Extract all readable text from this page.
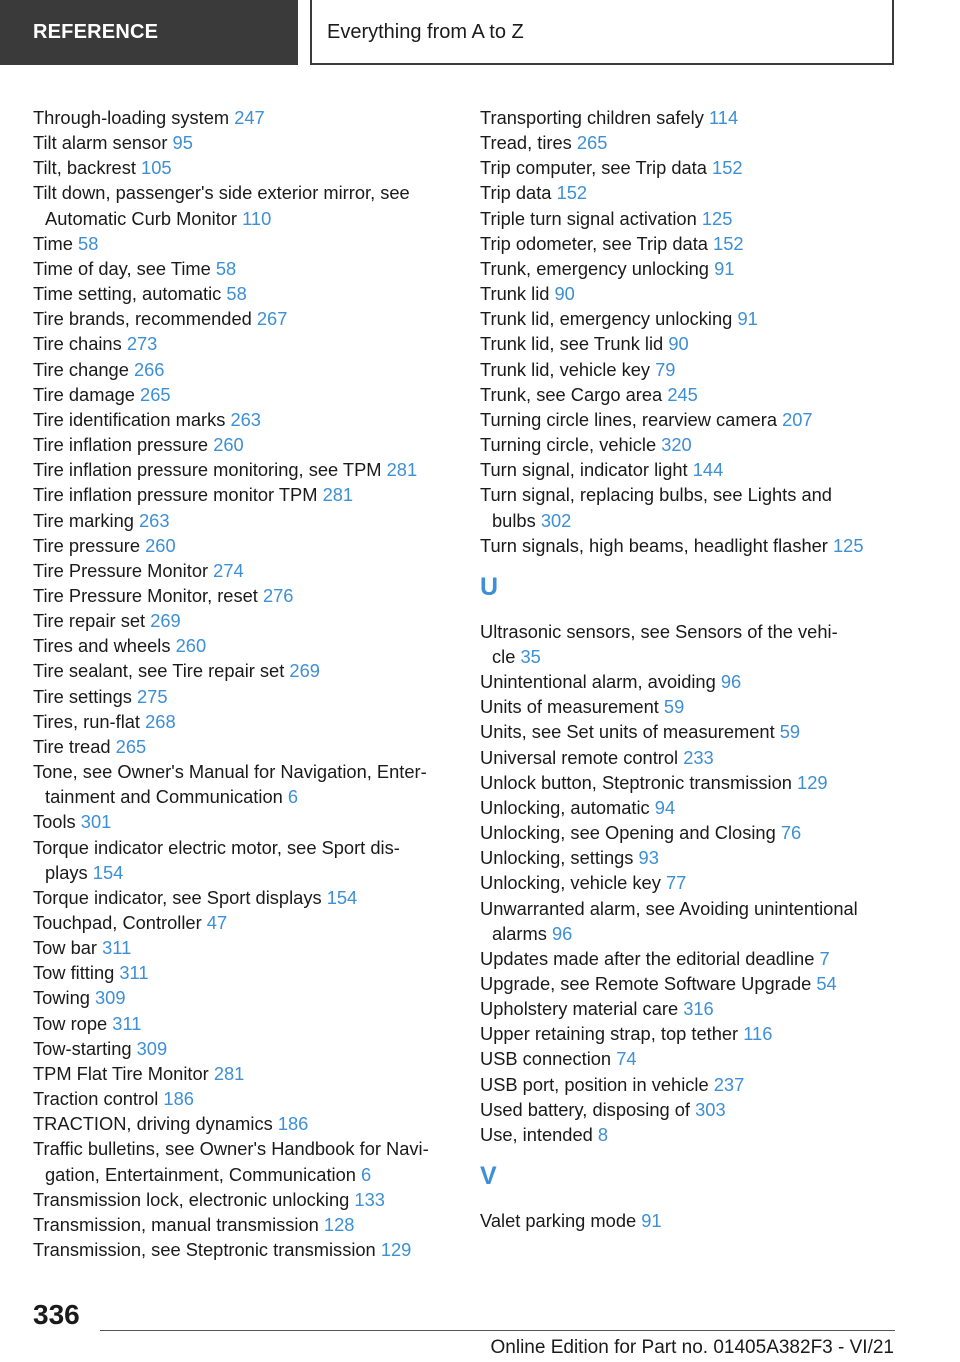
REFERENCE	Everything from A to Z
Through-loading system 247
Tilt alarm sensor 95
Tilt, backrest 105
Tilt down, passenger's side exterior mirror, see
Automatic Curb Monitor 110
Time 58
Time of day, see Time 58
Time setting, automatic 58
Tire brands, recommended 267
Tire chains 273
Tire change 266
Tire damage 265
Tire identification marks 263
Tire inflation pressure 260
Tire inflation pressure monitoring, see TPM 281
Tire inflation pressure monitor TPM 281
Tire marking 263
Tire pressure 260
Tire Pressure Monitor 274
Tire Pressure Monitor, reset 276
Tire repair set 269
Tires and wheels 260
Tire sealant, see Tire repair set 269
Tire settings 275
Tires, run-flat 268
Tire tread 265
Tone, see Owner's Manual for Navigation, Enter-
tainment and Communication 6
Tools 301
Torque indicator electric motor, see Sport dis-
plays 154
Torque indicator, see Sport displays 154
Touchpad, Controller 47
Tow bar 311
Tow fitting 311
Towing 309
Tow rope 311
Tow-starting 309
TPM Flat Tire Monitor 281
Traction control 186
TRACTION, driving dynamics 186
Traffic bulletins, see Owner's Handbook for Navi-
gation, Entertainment, Communication 6
Transmission lock, electronic unlocking 133
Transmission, manual transmission 128
Transmission, see Steptronic transmission 129
Transporting children safely 114
Tread, tires 265
Trip computer, see Trip data 152
Trip data 152
Triple turn signal activation 125
Trip odometer, see Trip data 152
Trunk, emergency unlocking 91
Trunk lid 90
Trunk lid, emergency unlocking 91
Trunk lid, see Trunk lid 90
Trunk lid, vehicle key 79
Trunk, see Cargo area 245
Turning circle lines, rearview camera 207
Turning circle, vehicle 320
Turn signal, indicator light 144
Turn signal, replacing bulbs, see Lights and
bulbs 302
Turn signals, high beams, headlight flasher 125
U
Ultrasonic sensors, see Sensors of the vehi-
cle 35
Unintentional alarm, avoiding 96
Units of measurement 59
Units, see Set units of measurement 59
Universal remote control 233
Unlock button, Steptronic transmission 129
Unlocking, automatic 94
Unlocking, see Opening and Closing 76
Unlocking, settings 93
Unlocking, vehicle key 77
Unwarranted alarm, see Avoiding unintentional
alarms 96
Updates made after the editorial deadline 7
Upgrade, see Remote Software Upgrade 54
Upholstery material care 316
Upper retaining strap, top tether 116
USB connection 74
USB port, position in vehicle 237
Used battery, disposing of 303
Use, intended 8
V
Valet parking mode 91
336
Online Edition for Part no. 01405A382F3 - VI/21
